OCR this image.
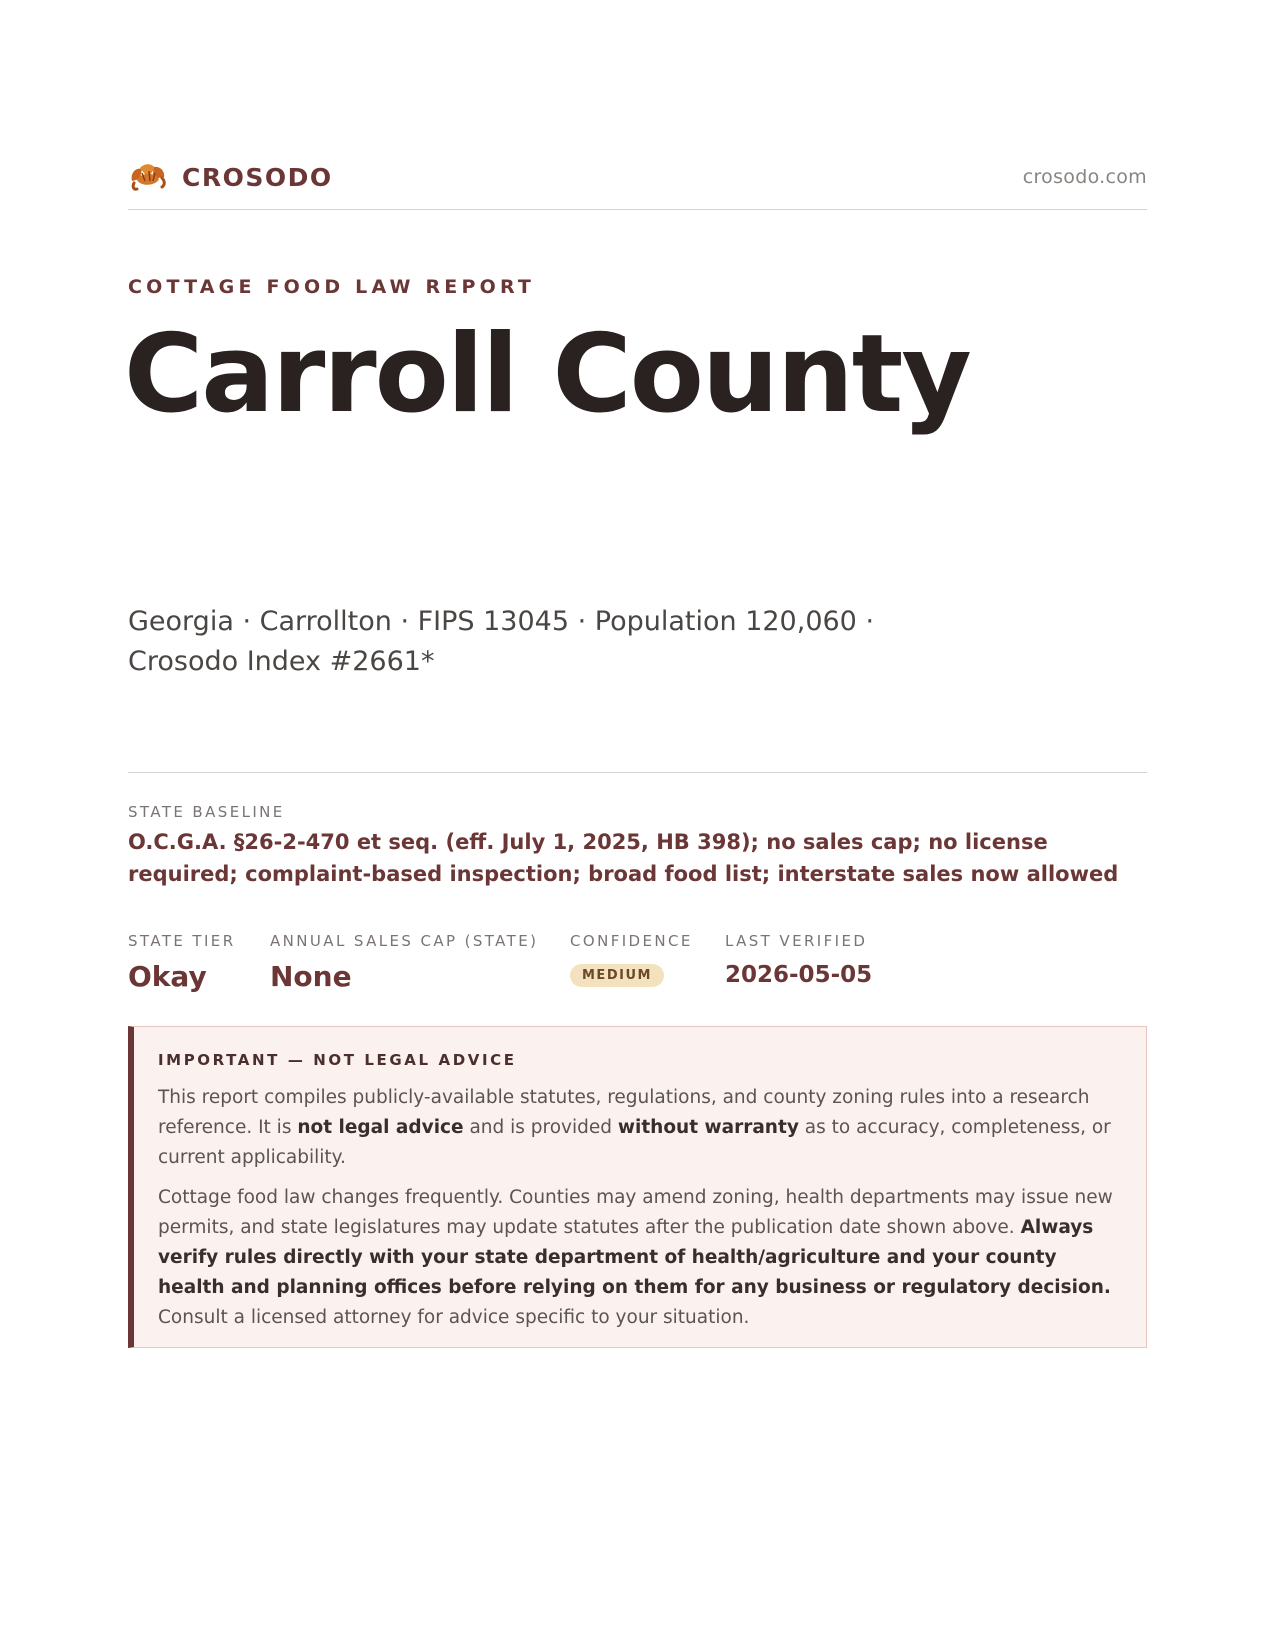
CROSODO	crosodo.com
COTTAGE FOOD LAW REPORT
Carroll County
Georgia · Carrollton · FIPS 13045 · Population 120,060 ·
Crosodo Index #2661*
STATE BASELINE
O.C.G.A. §26-2-470 et seq. (eff. July 1, 2025, HB 398); no sales cap; no license required; complaint-based inspection; broad food list; interstate sales now allowed
STATE TIER
Okay
ANNUAL SALES CAP (STATE)
None
CONFIDENCE
MEDIUM
LAST VERIFIED
2026-05-05
IMPORTANT — NOT LEGAL ADVICE

This report compiles publicly-available statutes, regulations, and county zoning rules into a research reference. It is not legal advice and is provided without warranty as to accuracy, completeness, or current applicability.

Cottage food law changes frequently. Counties may amend zoning, health departments may issue new permits, and state legislatures may update statutes after the publication date shown above. Always verify rules directly with your state department of health/agriculture and your county health and planning offices before relying on them for any business or regulatory decision. Consult a licensed attorney for advice specific to your situation.
